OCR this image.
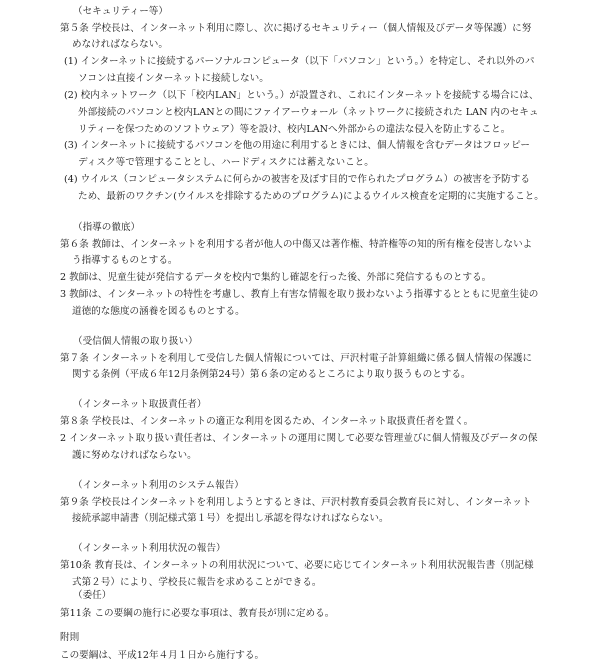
（セキュリティー等）
第５条 学校長は、インターネット利用に際し、次に掲げるセキュリティー（個人情報及びデータ等保護）に努
めなければならない。
(1) インターネットに接続するパーソナルコンピュータ（以下「パソコン」という。）を特定し、それ以外のパ
ソコンは直接インターネットに接続しない。
(2) 校内ネットワーク（以下「校内LAN」という。）が設置され、これにインターネットを接続する場合には、
外部接続のパソコンと校内LANとの間にファイアーウォール（ネットワークに接続された LAN 内のセキュ
リティーを保つためのソフトウェア）等を設け、校内LANへ外部からの違法な侵入を防止すること。
(3) インターネットに接続するパソコンを他の用途に利用するときには、個人情報を含むデータはフロッピー
ディスク等で管理することとし、ハードディスクには蓄えないこと。
(4) ウイルス（コンピュータシステムに何らかの被害を及ぼす目的で作られたプログラム）の被害を予防する
ため、最新のワクチン(ウイルスを排除するためのプログラム)によるウイルス検査を定期的に実施すること。
（指導の徹底）
第６条 教師は、インターネットを利用する者が他人の中傷又は著作権、特許権等の知的所有権を侵害しないよ
う指導するものとする。
2 教師は、児童生徒が発信するデータを校内で集約し確認を行った後、外部に発信するものとする。
3 教師は、インターネットの特性を考慮し、教育上有害な情報を取り扱わないよう指導するとともに児童生徒の
道徳的な態度の涵養を図るものとする。
（受信個人情報の取り扱い）
第７条 インターネットを利用して受信した個人情報については、戸沢村電子計算組織に係る個人情報の保護に
関する条例（平成６年12月条例第24号）第６条の定めるところにより取り扱うものとする。
（インターネット取扱責任者）
第８条 学校長は、インターネットの適正な利用を図るため、インターネット取扱責任者を置く。
2 インターネット取り扱い責任者は、インターネットの運用に関して必要な管理並びに個人情報及びデータの保
護に努めなければならない。
（インターネット利用のシステム報告）
第９条 学校長はインターネットを利用しようとするときは、戸沢村教育委員会教育長に対し、インターネット
接続承認申請書（別記様式第１号）を提出し承認を得なければならない。
（インターネット利用状況の報告）
第10条 教育長は、インターネットの利用状況について、必要に応じてインターネット利用状況報告書（別記様
式第２号）により、学校長に報告を求めることができる。
（委任）
第11条 この要綱の施行に必要な事項は、教育長が別に定める。
附則
この要綱は、平成12年４月１日から施行する。
